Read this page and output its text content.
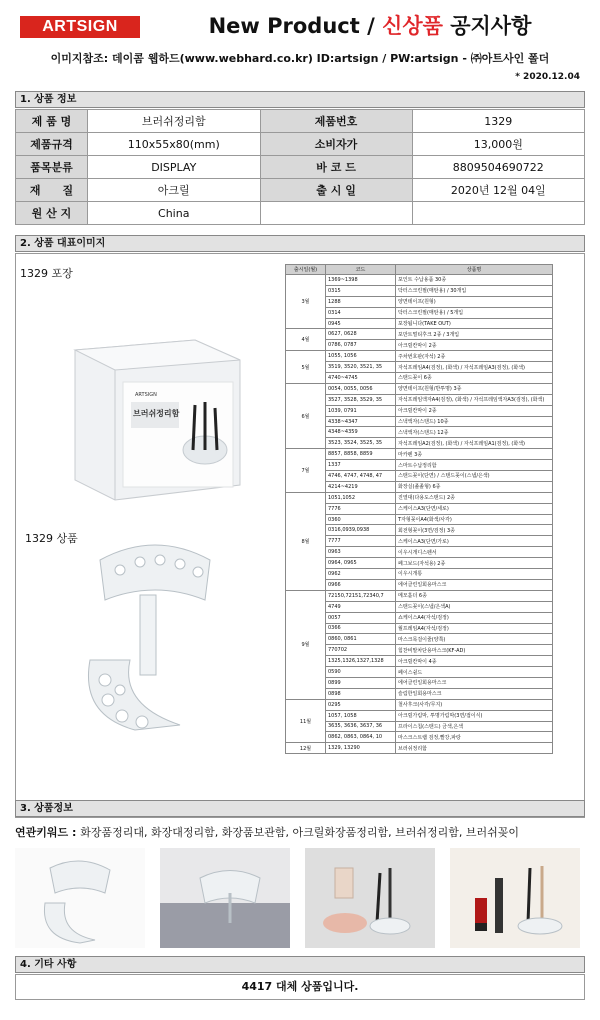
ARTSIGN	New Product / 신상품 공지사항
이미지참조: 데이콤 웹하드(www.webhard.co.kr) ID:artsign / PW:artsign - ㈜아트사인 폴더
* 2020.12.04
1. 상품 정보
제 품 명	브러쉬정리함	제품번호	1329
제품규격	110x55x80(mm)	소비자가	13,000원
품목분류	DISPLAY	바 코 드	8809504690722
재　　질	아크릴	출 시 일	2020년 12월 04일
원 산 지	China		
2. 상품 대표이미지
1329 포장
1329 상품
ARTSIGN
브러쉬정리함
출시일(월)	코드	상품명
3월	1369~1398	포인트 수납용품 30종
	0315	닥터스크린필(매탄용) / 30개입
	1288	양면테이프(원형)
	0314	닥터스크린필(매탄용) / 5개입
	0945	포장됩니다(TAKE OUT)
4월	0627, 0628	포만트멀티후크 2종 / 3개입
	0786, 0787	아크릴칸막이 2종
5월	1055, 1056	주차번호판(자석) 2종
	3519, 3520, 3521, 35	자석프레임A4(검정), (화색) / 자석프레임A3(검정), (화색)
	4740~4745	스탠드꽂이 6종
6월	0054, 0055, 0056	양면테이프(원형/반투명) 3종
	3527, 3528, 3529, 35	자석프레임액자A4(검정), (화색) / 자석프레임액자A3(검정), (화색)
	1039, 0791	아크릴칸막이 2종
	4338~4347	스낵액자(스탠드) 10종
	4348~4359	스낵액자(스탠드) 12종
	3523, 3524, 3525, 35	자석프레임A2(검정), (화색) / 자석프레임A1(검정), (화색)
7월	8857, 8858, 8859	마카펜 3종
	1337	스마트수납정리함
	4746, 4747, 4748, 47	스탠드꽂이(단면) / 스탠드꽂이(스냅/은색)
	4214~4219	화장실(졸졸형) 6종
8월	1051,1052	진열대(다용도스탠드) 2종
	7776	스케이스A3(단면/세로)
	0360	T자형꽂이A4(화색/사각)
	0316,0939,0938	회전형꽂이(3면/검정) 3종
	7777	스케이스A3(단면/가로)
	0963	이우시개디스펜서
	0964, 0965	페그보드(자석용) 2종
	0962	이우시개통
	0966	에어클린일회용마스크
9월	72150,72151,72340,7	메모홀더 6종
	4749	스탠드꽂이(스냅/은색A)
	0057	쇼케이스A4(자석/검정)
	0366	월프레임A4(자석/검정)
	0860, 0861	마스크목걸이줄(양쪽)
	770702	힘찬비말차단용마스크(KF-AD)
	1325,1326,1327,1328	아크릴칸막이 4종
	0590	페이스쉴드
	0899	에어클린일회용마스크
	0898	슬림한일회용마스크
11월	0295	철사후크(사각/무지)
	1057, 1058	아크릴가림막, 투명가림막(3면/접이식)
	3635, 3636, 3637, 36	프라이스칩(스탠드) 금색,은색
	0862, 0863, 0864, 10	마스크스트랩 검정,빨강,파랑
12월	1329, 13290	브러쉬정리함
3. 상품정보
연관키워드 : 화장품정리대, 화장대정리함, 화장품보관함, 아크릴화장품정리함, 브러쉬정리함, 브러쉬꽂이
4. 기타 사항
4417 대체 상품입니다.
